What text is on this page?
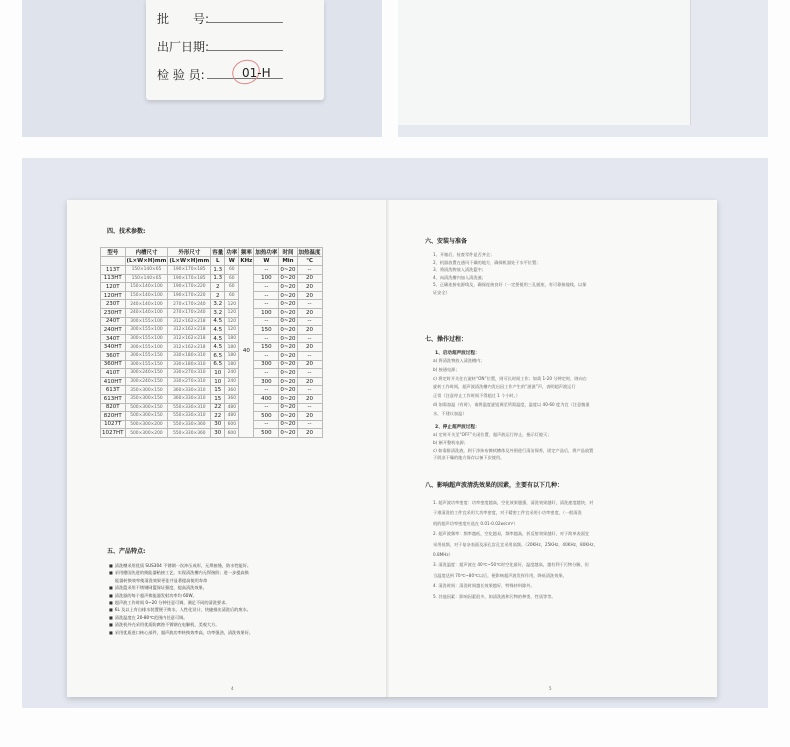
批　　号:
出厂日期:
检 验 员:	01-H
四、技术参数:
型号	内槽尺寸	外形尺寸	容量	功率	频率	加热功率	时间	加热温度
	(L×W×H)mm	(L×W×H)mm	L	W	KHz	W	Min	℃
113T	150×140×65	190×170×185	1.3	60	40	--	0~20	--
113HT	150×140×65	190×170×185	1.3	60		100	0~20	20
120T	150×140×100	190×170×220	2	60		--	0~20	20
120HT	150×140×100	190×170×220	2	60		--	0~20	20
230T	240×140×100	270×170×240	3.2	120		--	0~20	--
230HT	240×140×100	270×170×240	3.2	120		100	0~20	20
240T	300×155×100	312×162×218	4.5	120		--	0~20	--
240HT	300×155×100	312×162×218	4.5	120		150	0~20	20
340T	300×155×100	312×162×218	4.5	180		--	0~20	--
340HT	300×155×100	312×162×218	4.5	180		150	0~20	20
360T	300×155×150	330×180×310	6.5	180		--	0~20	--
360HT	300×155×150	330×180×310	6.5	180		300	0~20	20
410T	300×240×150	330×270×310	10	240		--	0~20	--
410HT	300×240×150	330×270×310	10	240		300	0~20	20
613T	350×300×150	360×330×310	15	360		--	0~20	--
613HT	350×300×150	360×330×310	15	360		400	0~20	20
820T	500×300×150	550×330×310	22	480		--	0~20	--
820HT	500×300×150	550×330×310	22	480		500	0~20	20
1027T	500×300×200	550×330×360	30	600		--	0~20	--
1027HT	500×300×200	550×330×360	30	600		500	0~20	20
五、产品特点:
■ 清洗槽采用优质 SUS304 不锈钢一次冲压成形，无焊接缝，防水性能好。
■ 采用德国先进的换能器粘接工艺，实现清洗槽内无焊接阶；进一步提高换
能器转换效率使清洗效果更佳并显著提高使用寿命
■ 清洗篮采用不锈钢网篮保证强度，提高清洗效果。
■ 清洗器的每个超声换能器发射功率均 60W。
■ 超声波工作时间 0~20 分钟任意可调，满足不同的清洗要求。
■ 6L 及以上有自排水装置便于换水，人性化设计，快捷排出清洗后的废水。
■ 清洗温度在 20-80℃范围内任意可调。
■ 清洗机外壳采用优质防腐蚀不锈钢在电解机，美观大方。
■ 采用优质进口核心部件，超声波功率转换效率高，功率强劲，清洗效果好。
4
六、安装与准备
1、开箱后，检查零件是否齐全；
2、机器放置在通风干燥的地方，确保机器处于水平位置；
3、将清洗物放入清洗篮中；
4、向清洗槽内加入清洗液；
5、正确连接电源线及，确保连接良好（一定要使用三孔插座，有可靠接地线，以保
证安全）
七、操作过程：
1、启动超声波过程：
a) 将清洗物放入清洗槽内；
b) 接通电源；
c) 将定时开关往右旋转“ON”位置，则可长时间工作；如需 1-20 分钟定时，则向右
旋转工作时间，超声波清洗槽内发出因工作产生的“滋滋”声，表明超声波运行
正常（注意停止工作时间不得超过 1 个小时。）
d) 如需加温（有时），请将温度旋钮调至所需温度，温度以 40-60 度为宜（注意慎重
水，不建议加温）
2、停止超声波过程：
a) 定时开关至“OFF”关闭位置，超声波运行停止，指示灯熄灭；
b) 断开整机电源；
c) 如需排清洗液，则于净抹布擦拭槽体及外围进行清洁保养，固定产品后，将产品放置
于阴凉干燥的地方保存以备下次使用。
八、影响超声波清洗效果的因素，主要有以下几种：
1. 超声波功率密度：功率密度越高，空化效果越强，清洗效果越好，清洗速度越快，对
于难清洗的工件宜采用大功率密度，对于精密工件宜采用小功率密度，（一般清洗
机的超声功率密度应选在 0.01-0.02w/cm²）
2. 超声波频率：频率越低，空化越易，频率越高，折反射效果越好，对于简单表面宜
采用低频，对于复杂表面及深孔盲孔宜采用高频。（20KHz，25KHz，40KHz，80KHz，
0.8MHz）
3. 清洗温度：超声波在 40℃~50℃时空化最好，温度越高，越有利于污物分解，但
当温度达到 70℃~80℃以后，便影响超声波发挥作用，降低清洗效果。
4. 清洗时间：清洗时间越长效果越好，特殊材料除外。
5. 其他因素：影响因素很多，如清洗液和污物的种类、性质等等。
5
